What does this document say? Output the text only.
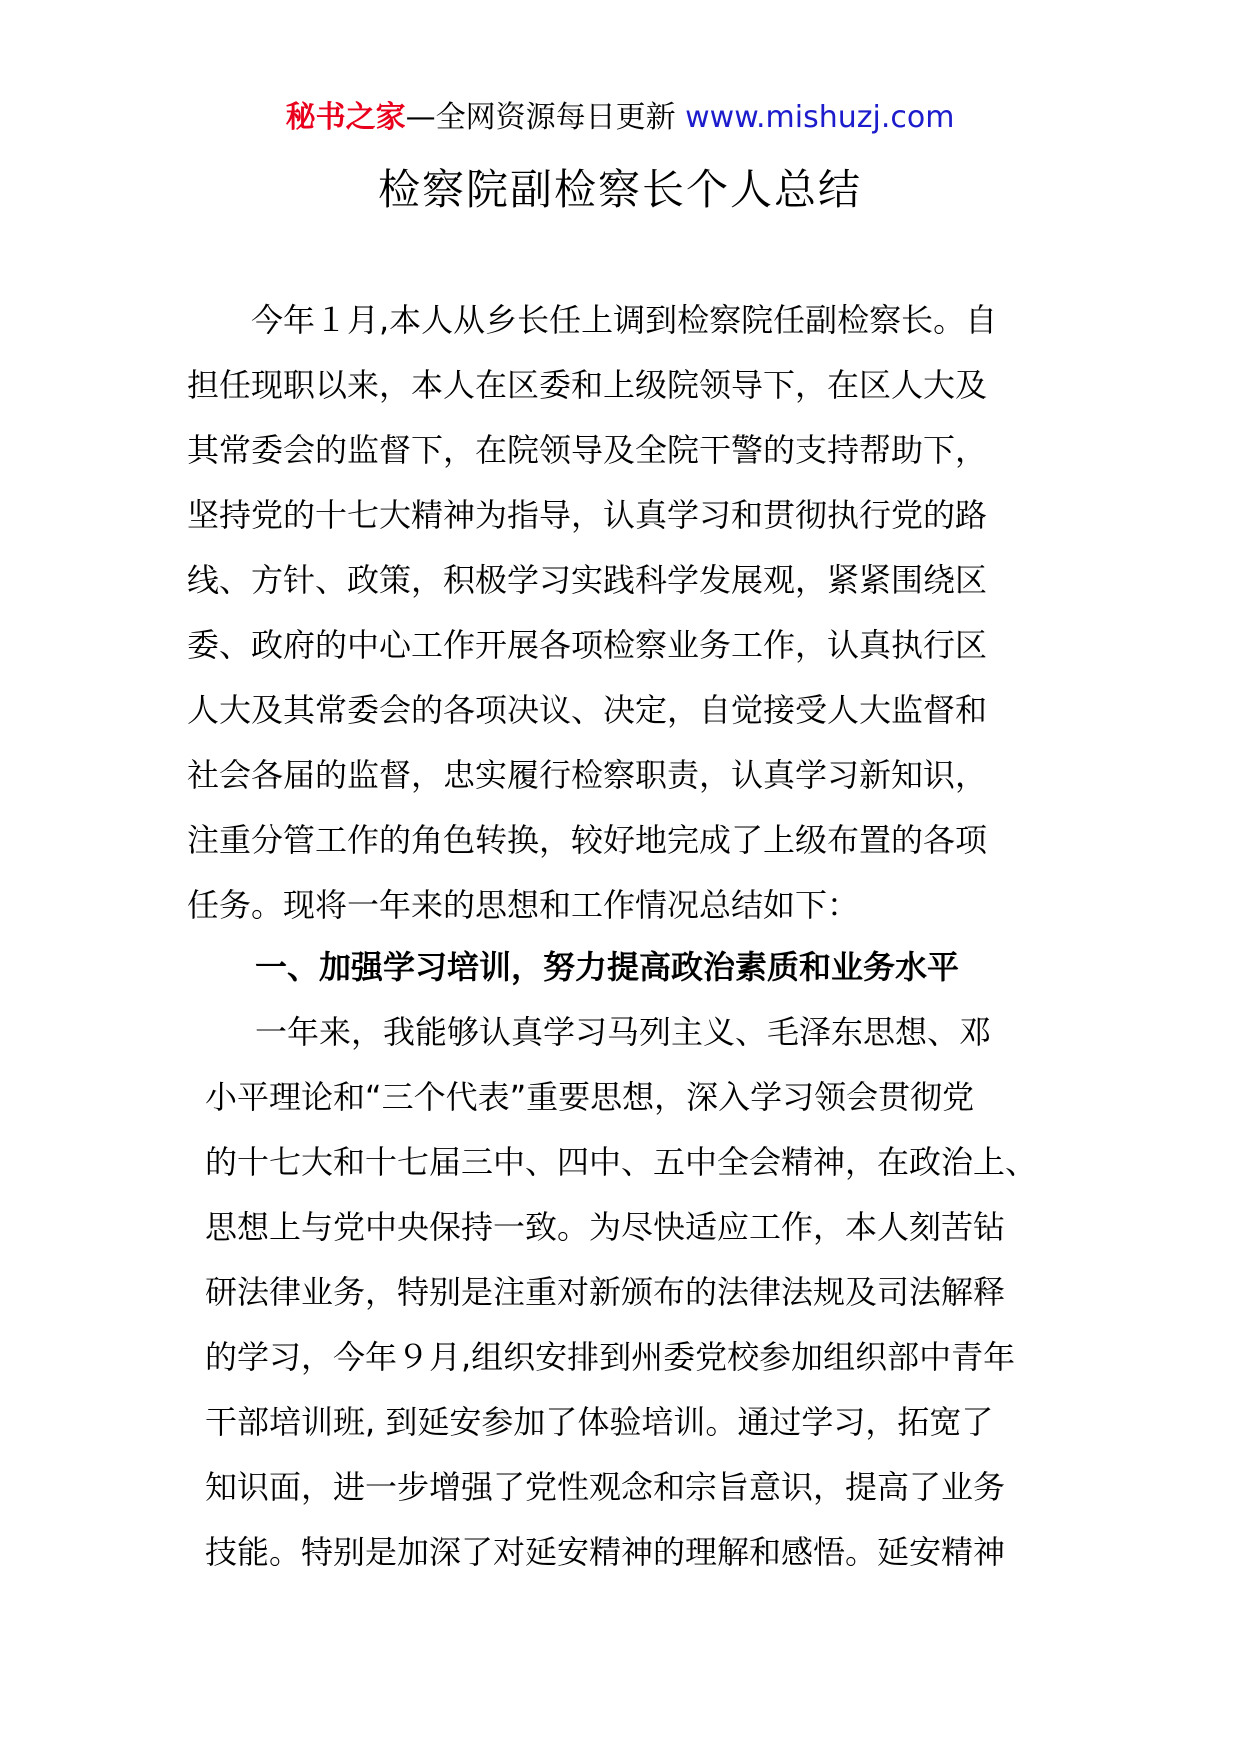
秘书之家—全网资源每日更新 www.mishuzj.com
检察院副检察长个人总结
今年１月,本人从乡长任上调到检察院任副检察长。自
担任现职以来，本人在区委和上级院领导下，在区人大及
其常委会的监督下，在院领导及全院干警的支持帮助下，
坚持党的十七大精神为指导，认真学习和贯彻执行党的路
线、方针、政策，积极学习实践科学发展观，紧紧围绕区
委、政府的中心工作开展各项检察业务工作，认真执行区
人大及其常委会的各项决议、决定，自觉接受人大监督和
社会各届的监督，忠实履行检察职责，认真学习新知识，
注重分管工作的角色转换，较好地完成了上级布置的各项
任务。现将一年来的思想和工作情况总结如下：
一、加强学习培训，努力提高政治素质和业务水平
一年来，我能够认真学习马列主义、毛泽东思想、邓
小平理论和“三个代表”重要思想，深入学习领会贯彻党
的十七大和十七届三中、四中、五中全会精神，在政治上、
思想上与党中央保持一致。为尽快适应工作，本人刻苦钻
研法律业务，特别是注重对新颁布的法律法规及司法解释
的学习，今年９月,组织安排到州委党校参加组织部中青年
干部培训班, 到延安参加了体验培训。通过学习，拓宽了
知识面，进一步增强了党性观念和宗旨意识，提高了业务
技能。特别是加深了对延安精神的理解和感悟。延安精神
